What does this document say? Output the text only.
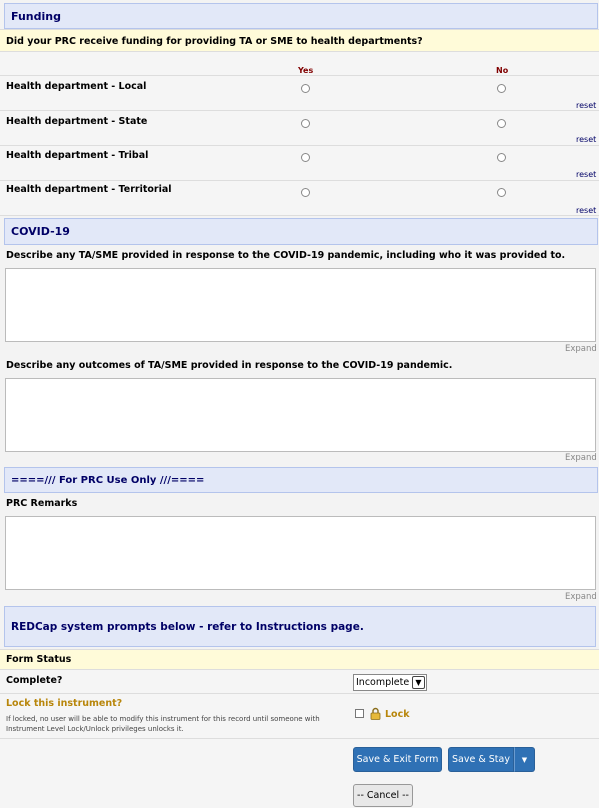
Funding
Did your PRC receive funding for providing TA or SME to health departments?
Yes	No
Health department - Local
reset
Health department - State
reset
Health department - Tribal
reset
Health department - Territorial
reset
COVID-19
Describe any TA/SME provided in response to the COVID-19 pandemic, including who it was provided to.
Expand
Describe any outcomes of TA/SME provided in response to the COVID-19 pandemic.
Expand
====/// For PRC Use Only ///====
PRC Remarks
Expand
REDCap system prompts below - refer to Instructions page.
Form Status
Complete?	Incomplete ▼
Lock this instrument?
If locked, no user will be able to modify this instrument for this record until someone with Instrument Level Lock/Unlock privileges unlocks it.
Lock
Save & Exit Form	Save & Stay	▼
-- Cancel --
